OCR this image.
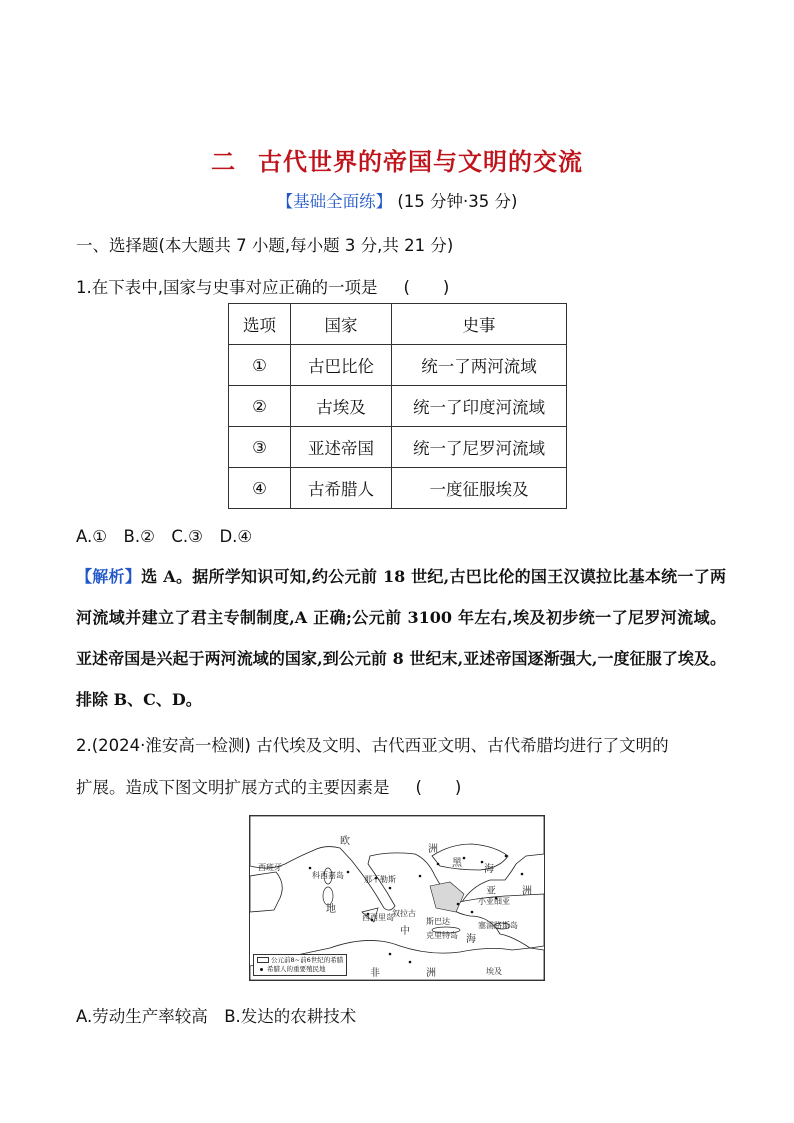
二 古代世界的帝国与文明的交流
【基础全面练】 (15 分钟·35 分)
一、选择题(本大题共 7 小题,每小题 3 分,共 21 分)
1.在下表中,国家与史事对应正确的一项是 (　　)
选项	国家	史事
①	古巴比伦	统一了两河流域
②	古埃及	统一了印度河流域
③	亚述帝国	统一了尼罗河流域
④	古希腊人	一度征服埃及
A.①　B.②　C.③　D.④
【解析】选 A。据所学知识可知,约公元前 18 世纪,古巴比伦的国王汉谟拉比基本统一了两河流域并建立了君主专制制度,A 正确;公元前 3100 年左右,埃及初步统一了尼罗河流域。亚述帝国是兴起于两河流域的国家,到公元前 8 世纪末,亚述帝国逐渐强大,一度征服了埃及。排除 B、C、D。
2.(2024·淮安高一检测) 古代埃及文明、古代西亚文明、古代希腊均进行了文明的
扩展。造成下图文明扩展方式的主要因素是 (　　)
欧
洲
西班牙
科西嘉岛	那不勒斯
黑
海
亚	洲
小亚细亚
地
西西里岛
叙拉古
中
斯巴达
克里特岛 海
塞浦路斯岛
非	洲	埃及
公元前8~前6世纪的希腊
希腊人的重要殖民地
A.劳动生产率较高　B.发达的农耕技术
